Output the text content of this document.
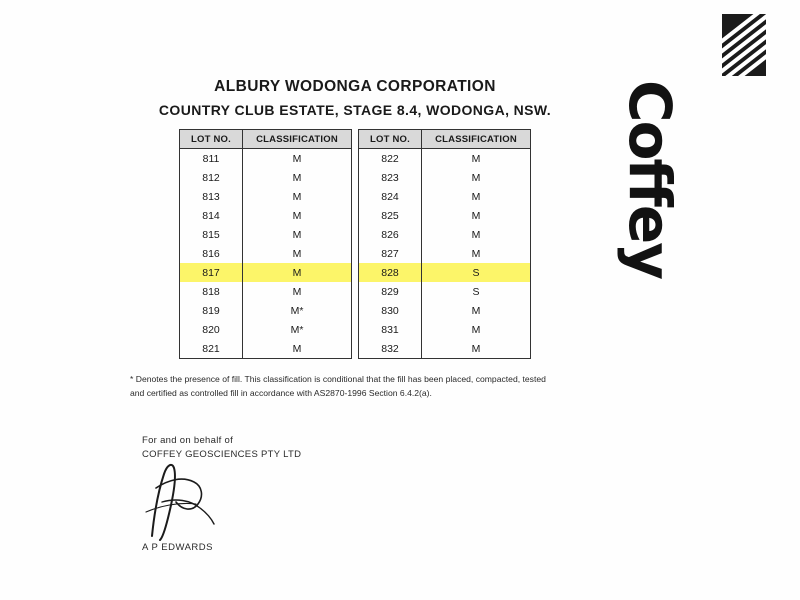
Coffey
ALBURY WODONGA CORPORATION
COUNTRY CLUB ESTATE, STAGE 8.4, WODONGA, NSW.
LOT NO.	CLASSIFICATION
811	M
812	M
813	M
814	M
815	M
816	M
817	M
818	M
819	M*
820	M*
821	M
LOT NO.	CLASSIFICATION
822	M
823	M
824	M
825	M
826	M
827	M
828	S
829	S
830	M
831	M
832	M
* Denotes the presence of fill. This classification is conditional that the fill has been placed, compacted, tested
and certified as controlled fill in accordance with AS2870-1996 Section 6.4.2(a).
For and on behalf of
COFFEY GEOSCIENCES PTY LTD
A P EDWARDS
